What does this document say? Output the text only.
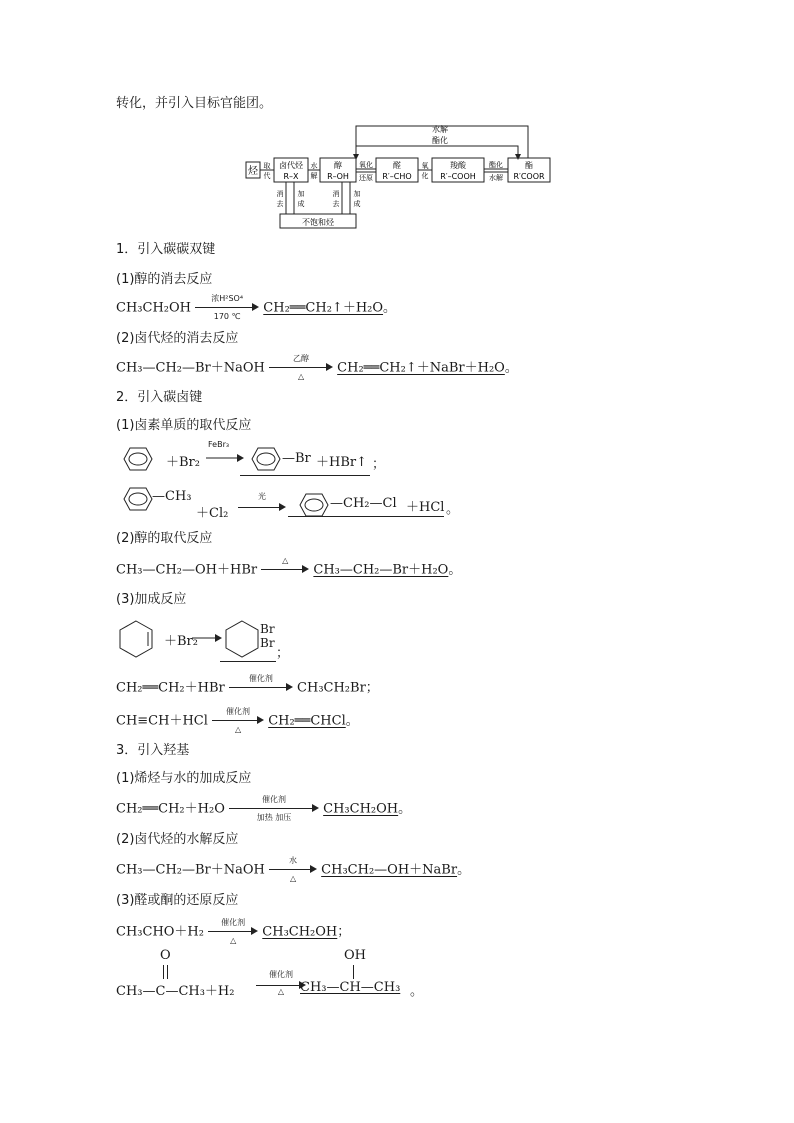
转化，并引入目标官能团。
水解
酯化
烃 取
代
卤代烃
R–X
水
解
醇
R–OH
氧化
还原
醛
R′–CHO
氧
化
羧酸
R′–COOH
酯化
水解
酯
R′COOR
消
去
加
成
消
去
加
成
不饱和烃
1．引入碳碳双键
(1)醇的消去反应
CH₃CH₂OH
浓H²SO⁴
170 ℃
CH₂══CH₂↑＋H₂O。
(2)卤代烃的消去反应
CH₃—CH₂—Br＋NaOH
乙醇
△
CH₂══CH₂↑＋NaBr＋H₂O。
2．引入碳卤键
(1)卤素单质的取代反应
＋Br₂
FeBr₃
—Br ＋HBr↑ ；
—CH₃
＋Cl₂
光	—CH₂—Cl ＋HCl 。
(2)醇的取代反应
CH₃—CH₂—OH＋HBr
△
CH₃—CH₂—Br＋H₂O。
(3)加成反应
＋Br₂
Br
Br
；
CH₂══CH₂＋HBr
催化剂
CH₃CH₂Br；
CH≡CH＋HCl
催化剂
△
CH₂══CHCl。
3．引入羟基
(1)烯烃与水的加成反应
CH₂══CH₂＋H₂O
催化剂
加热 加压
CH₃CH₂OH。
(2)卤代烃的水解反应
CH₃—CH₂—Br＋NaOH
水
△
CH₃CH₂—OH＋NaBr。
(3)醛或酮的还原反应
CH₃CHO＋H₂
催化剂
△
CH₃CH₂OH；
O
CH₃—C—CH₃＋H₂
催化剂
△
OH
CH₃—CH—CH₃ 。
